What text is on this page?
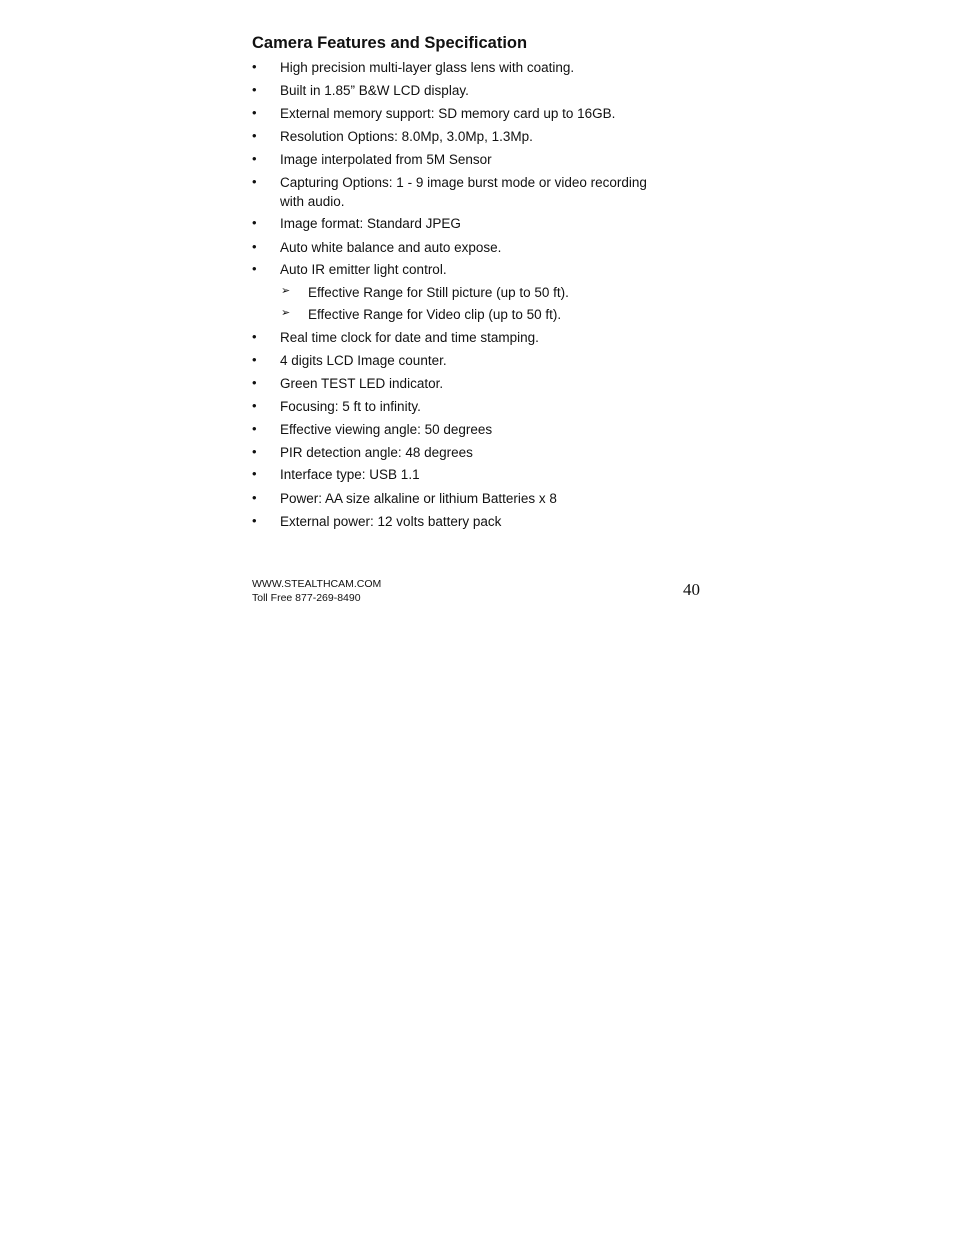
Camera Features and Specification
•	High precision multi-layer glass lens with coating.
•	Built in 1.85” B&W LCD display.
•	External memory support: SD memory card up to 16GB.
•	Resolution Options: 8.0Mp, 3.0Mp, 1.3Mp.
•	Image interpolated from 5M Sensor
•	Capturing Options: 1 - 9 image burst mode or video recording
with audio.
•	Image format: Standard JPEG
•	Auto white balance and auto expose.
•	Auto IR emitter light control.
➢ Effective Range for Still picture (up to 50 ft).
➢ Effective Range for Video clip (up to 50 ft).
•	Real time clock for date and time stamping.
•	4 digits LCD Image counter.
•	Green TEST LED indicator.
•	Focusing: 5 ft to infinity.
•	Effective viewing angle: 50 degrees
•	PIR detection angle: 48 degrees
•	Interface type: USB 1.1
•	Power: AA size alkaline or lithium Batteries x 8
•	External power: 12 volts battery pack
WWW.STEALTHCAM.COM
Toll Free 877-269-8490	40
